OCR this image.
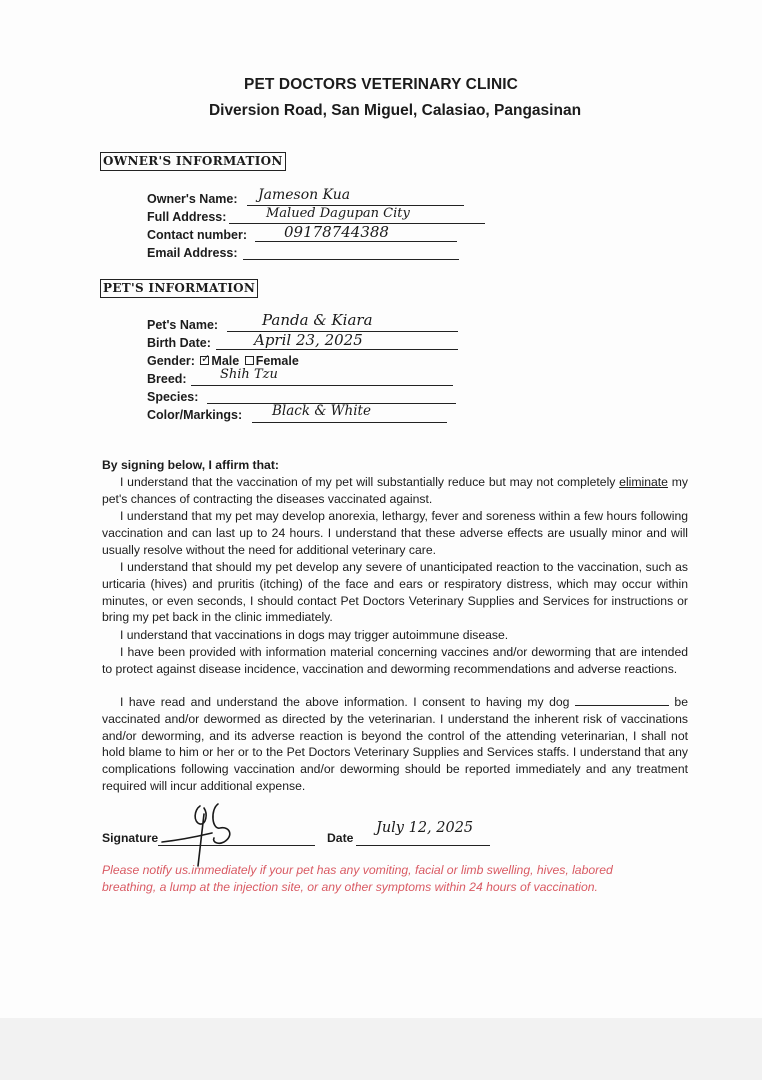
PET DOCTORS VETERINARY CLINIC
Diversion Road, San Miguel, Calasiao, Pangasinan
OWNER'S INFORMATION
Owner's Name: Jameson Kua
Full Address:	Malued Dagupan City
Contact number: 09178744388
Email Address:
PET'S INFORMATION
Pet's Name:	Panda & Kiara
Birth Date:	April 23, 2025
Gender: Male Female
✓
Breed:	Shih Tzu
Species:
Color/Markings: Black & White
By signing below, I affirm that:
I understand that the vaccination of my pet will substantially reduce but may not completely eliminate my pet's chances of contracting the diseases vaccinated against.
I understand that my pet may develop anorexia, lethargy, fever and soreness within a few hours following vaccination and can last up to 24 hours. I understand that these adverse effects are usually minor and will usually resolve without the need for additional veterinary care.
I understand that should my pet develop any severe of unanticipated reaction to the vaccination, such as urticaria (hives) and pruritis (itching) of the face and ears or respiratory distress, which may occur within minutes, or even seconds, I should contact Pet Doctors Veterinary Supplies and Services for instructions or bring my pet back in the clinic immediately.
I understand that vaccinations in dogs may trigger autoimmune disease.
I have been provided with information material concerning vaccines and/or deworming that are intended to protect against disease incidence, vaccination and deworming recommendations and adverse reactions.
I have read and understand the above information. I consent to having my dog	be vaccinated and/or dewormed as directed by the veterinarian. I understand the inherent risk of vaccinations and/or deworming, and its adverse reaction is beyond the control of the attending veterinarian, I shall not hold blame to him or her or to the Pet Doctors Veterinary Supplies and Services staffs. I understand that any complications following vaccination and/or deworming should be reported immediately and any treatment required will incur additional expense.
Signature	Date
July 12, 2025
Please notify us.immediately if your pet has any vomiting, facial or limb swelling, hives, labored breathing, a lump at the injection site, or any other symptoms within 24 hours of vaccination.
